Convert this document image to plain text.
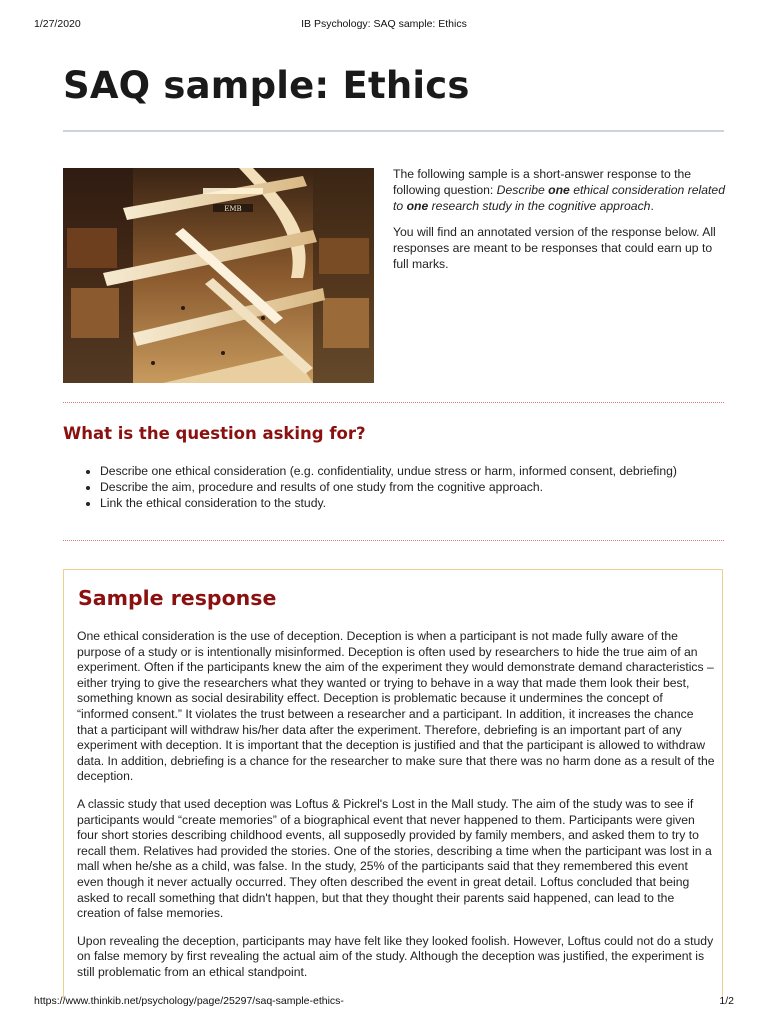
1/27/2020	IB Psychology: SAQ sample: Ethics
SAQ sample: Ethics
EMB

The following sample is a short-answer response to the following question: Describe one ethical consideration related to one research study in the cognitive approach.

You will find an annotated version of the response below. All responses are meant to be responses that could earn up to full marks.

What is the question asking for?
• Describe one ethical consideration (e.g. confidentiality, undue stress or harm, informed consent, debriefing)
• Describe the aim, procedure and results of one study from the cognitive approach.
• Link the ethical consideration to the study.
Sample response

One ethical consideration is the use of deception. Deception is when a participant is not made fully aware of the purpose of a study or is intentionally misinformed. Deception is often used by researchers to hide the true aim of an experiment. Often if the participants knew the aim of the experiment they would demonstrate demand characteristics – either trying to give the researchers what they wanted or trying to behave in a way that made them look their best, something known as social desirability effect. Deception is problematic because it undermines the concept of “informed consent.” It violates the trust between a researcher and a participant. In addition, it increases the chance that a participant will withdraw his/her data after the experiment. Therefore, debriefing is an important part of any experiment with deception. It is important that the deception is justified and that the participant is allowed to withdraw data. In addition, debriefing is a chance for the researcher to make sure that there was no harm done as a result of the deception.

A classic study that used deception was Loftus & Pickrel's Lost in the Mall study. The aim of the study was to see if participants would “create memories” of a biographical event that never happened to them. Participants were given four short stories describing childhood events, all supposedly provided by family members, and asked them to try to recall them. Relatives had provided the stories. One of the stories, describing a time when the participant was lost in a mall when he/she as a child, was false. In the study, 25% of the participants said that they remembered this event even though it never actually occurred. They often described the event in great detail. Loftus concluded that being asked to recall something that didn't happen, but that they thought their parents said happened, can lead to the creation of false memories.

Upon revealing the deception, participants may have felt like they looked foolish. However, Loftus could not do a study on false memory by first revealing the actual aim of the study. Although the deception was justified, the experiment is still problematic from an ethical standpoint.

https://www.thinkib.net/psychology/page/25297/saq-sample-ethics-	1/2
